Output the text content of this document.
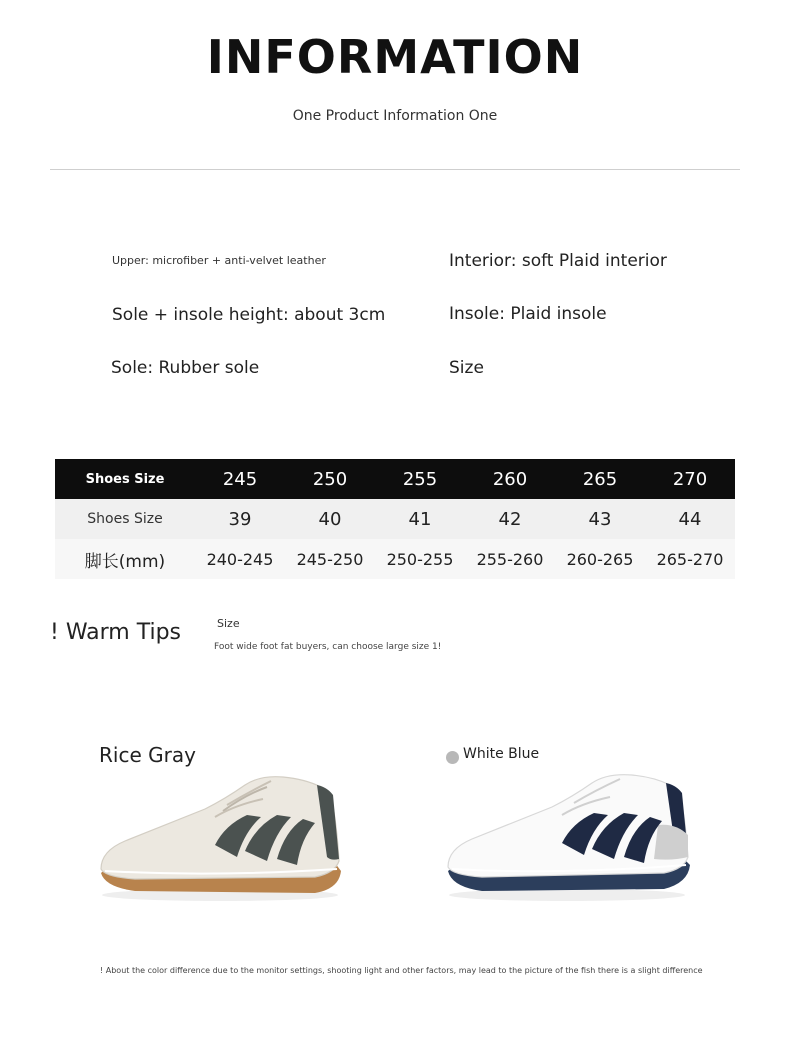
INFORMATION
One Product Information One
Upper: microfiber + anti-velvet leather	Interior: soft Plaid interior
Sole + insole height: about 3cm	Insole: Plaid insole
Sole: Rubber sole	Size
Shoes Size	245	250	255	260	265	270
Shoes Size	39	40	41	42	43	44
脚长(mm)	240-245	245-250	250-255	255-260	260-265	265-270
! Warm Tips	Size
Foot wide foot fat buyers, can choose large size 1!
Rice Gray	White Blue
! About the color difference due to the monitor settings, shooting light and other factors, may lead to the picture of the fish there is a slight difference
